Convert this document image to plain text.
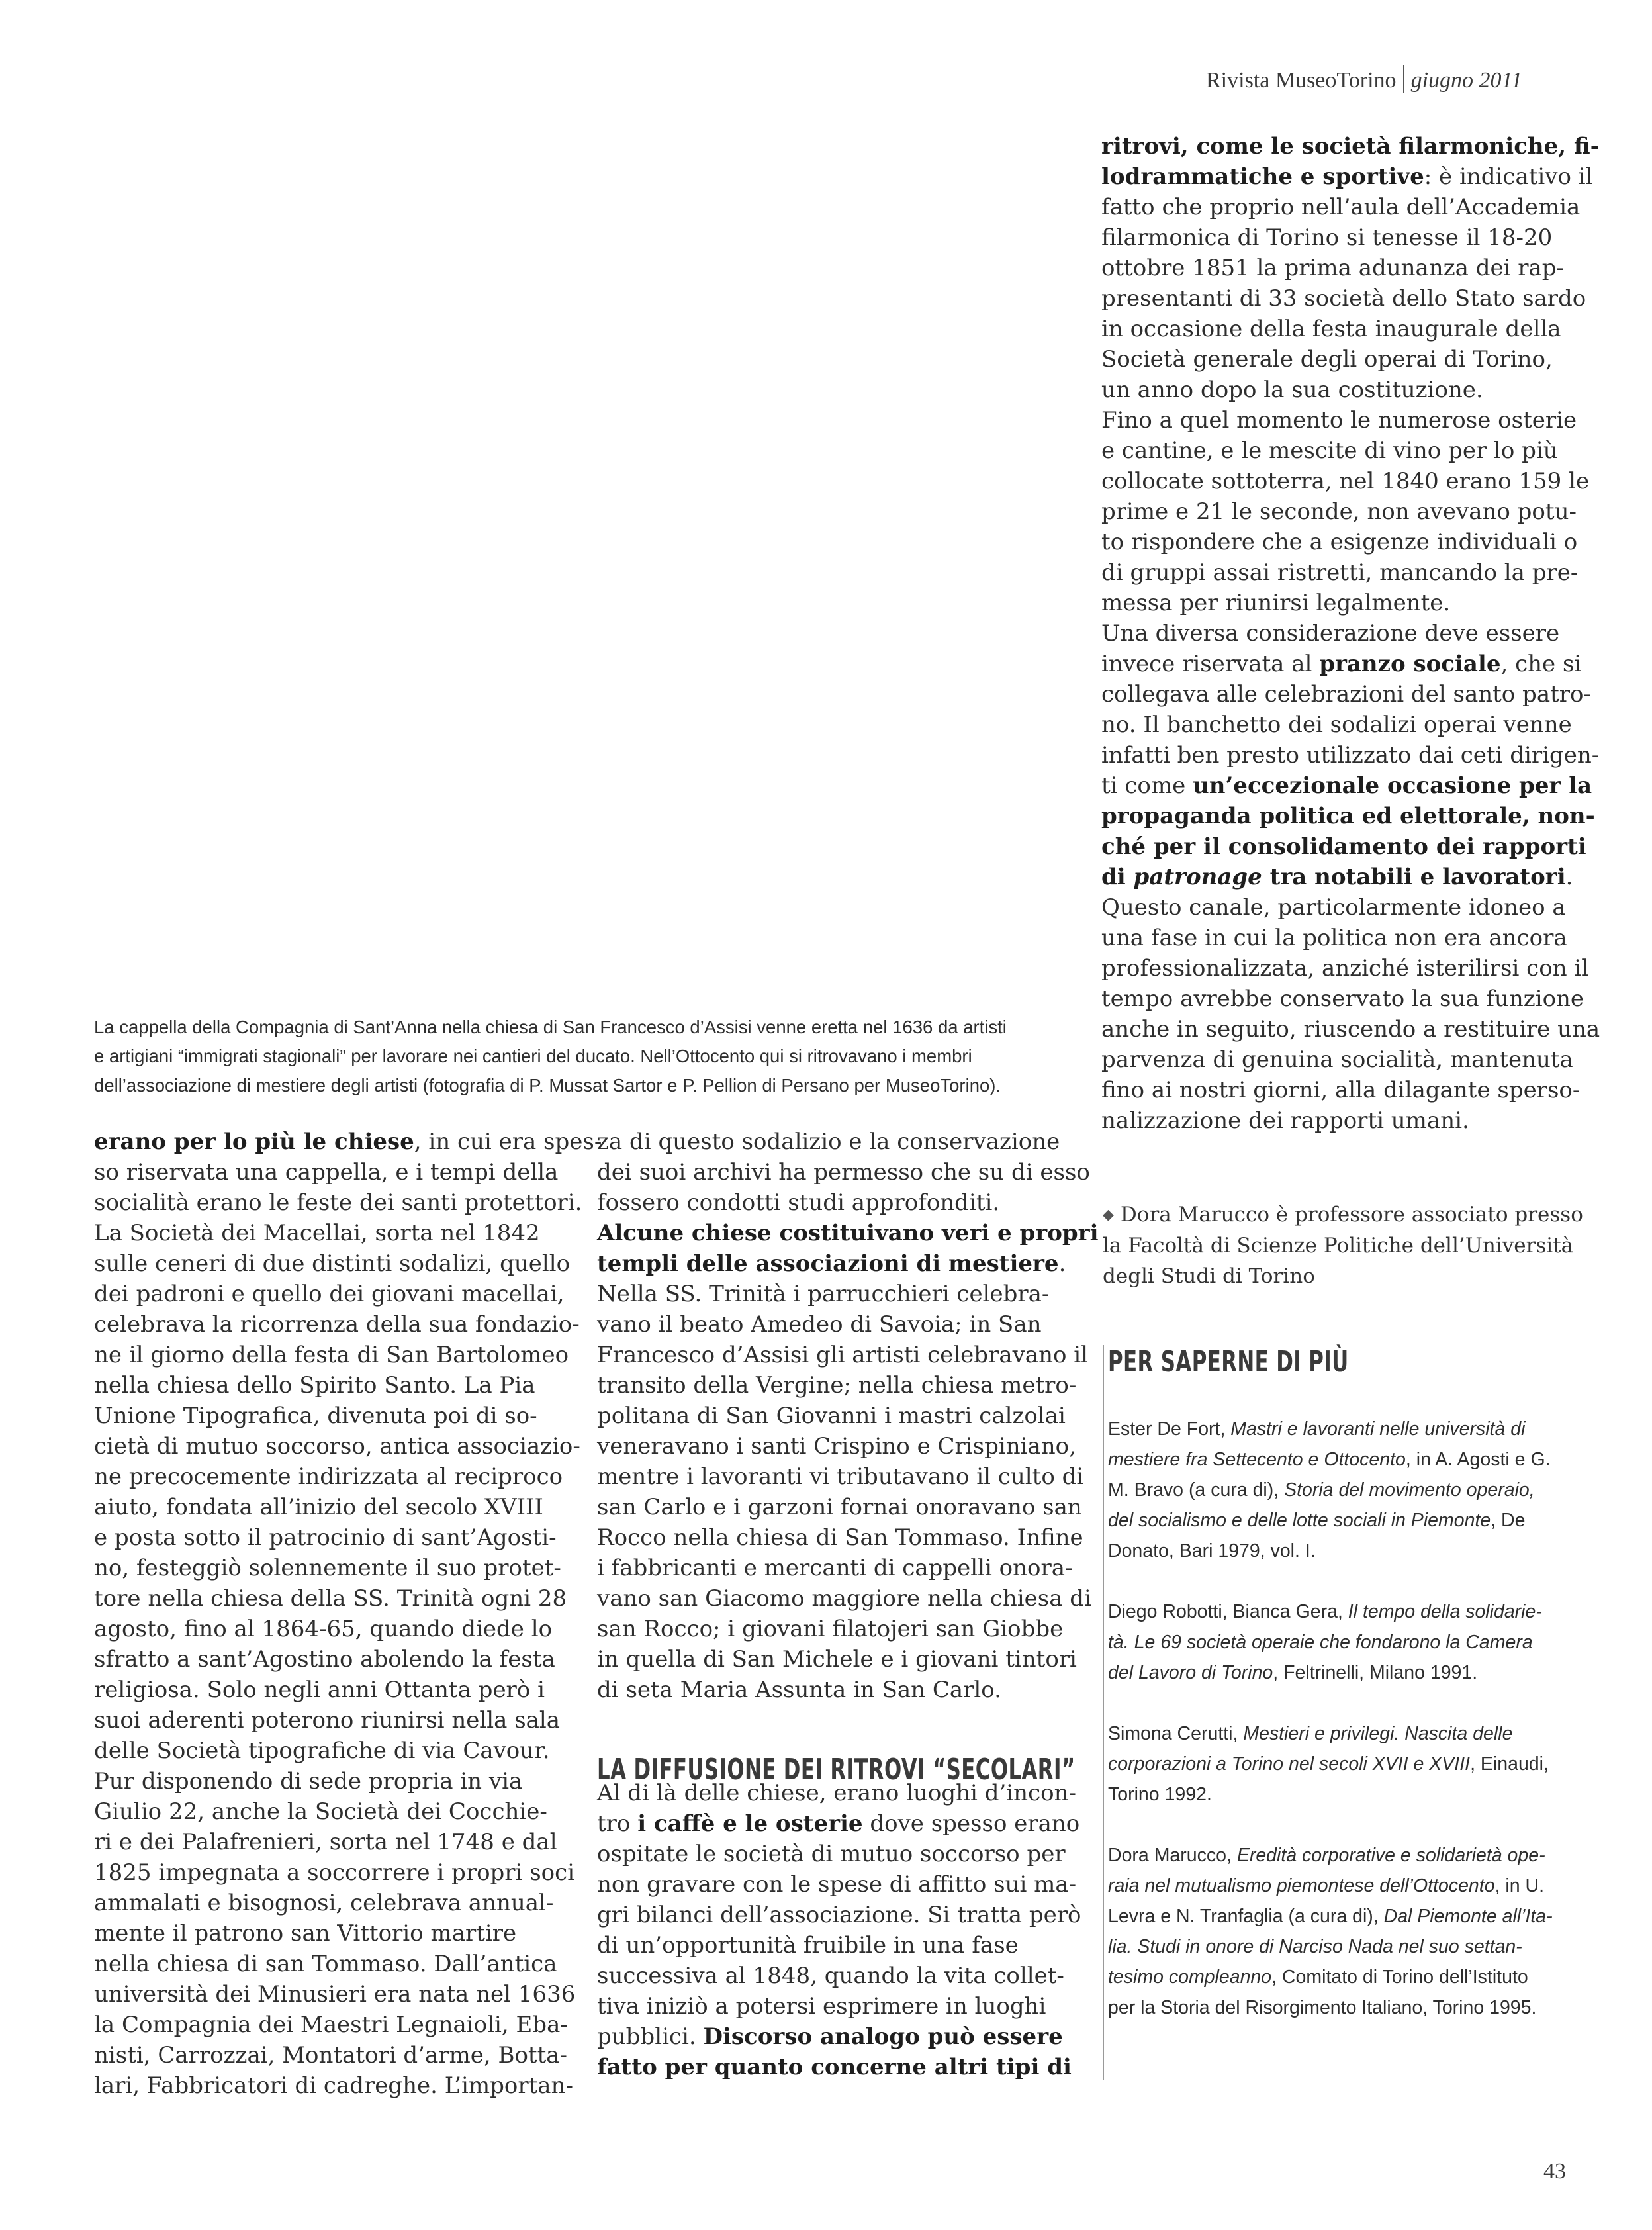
Rivista MuseoTorino giugno 2011

La cappella della Compagnia di Sant’Anna nella chiesa di San Francesco d’Assisi venne eretta nel 1636 da artisti

e artigiani “immigrati stagionali” per lavorare nei cantieri del ducato. Nell’Ottocento qui si ritrovavano i membri

dell’associazione di mestiere degli artisti (fotografia di P. Mussat Sartor e P. Pellion di Persano per MuseoTorino).

erano per lo più le chiese, in cui era spes-
so riservata una cappella, e i tempi della
socialità erano le feste dei santi protettori.
La Società dei Macellai, sorta nel 1842
sulle ceneri di due distinti sodalizi, quello
dei padroni e quello dei giovani macellai,
celebrava la ricorrenza della sua fondazio-
ne il giorno della festa di San Bartolomeo
nella chiesa dello Spirito Santo. La Pia
Unione Tipografica, divenuta poi di so-
cietà di mutuo soccorso, antica associazio-
ne precocemente indirizzata al reciproco
aiuto, fondata all’inizio del secolo XVIII
e posta sotto il patrocinio di sant’Agosti-
no, festeggiò solennemente il suo protet-
tore nella chiesa della SS. Trinità ogni 28
agosto, fino al 1864-65, quando diede lo
sfratto a sant’Agostino abolendo la festa
religiosa. Solo negli anni Ottanta però i
suoi aderenti poterono riunirsi nella sala
delle Società tipografiche di via Cavour.
Pur disponendo di sede propria in via
Giulio 22, anche la Società dei Cocchie-
ri e dei Palafrenieri, sorta nel 1748 e dal
1825 impegnata a soccorrere i propri soci
ammalati e bisognosi, celebrava annual-
mente il patrono san Vittorio martire
nella chiesa di san Tommaso. Dall’antica
università dei Minusieri era nata nel 1636
la Compagnia dei Maestri Legnaioli, Eba-
nisti, Carrozzai, Montatori d’arme, Botta-
lari, Fabbricatori di cadreghe. L’importan-
za di questo sodalizio e la conservazione
dei suoi archivi ha permesso che su di esso
fossero condotti studi approfonditi.
Alcune chiese costituivano veri e propri
templi delle associazioni di mestiere.
Nella SS. Trinità i parrucchieri celebra-
vano il beato Amedeo di Savoia; in San
Francesco d’Assisi gli artisti celebravano il
transito della Vergine; nella chiesa metro-
politana di San Giovanni i mastri calzolai
veneravano i santi Crispino e Crispiniano,
mentre i lavoranti vi tributavano il culto di
san Carlo e i garzoni fornai onoravano san
Rocco nella chiesa di San Tommaso. Infine
i fabbricanti e mercanti di cappelli onora-
vano san Giacomo maggiore nella chiesa di
san Rocco; i giovani filatojeri san Giobbe
in quella di San Michele e i giovani tintori
di seta Maria Assunta in San Carlo.
Al di là delle chiese, erano luoghi d’incon-
tro i caffè e le osterie dove spesso erano
ospitate le società di mutuo soccorso per
non gravare con le spese di affitto sui ma-
gri bilanci dell’associazione. Si tratta però
di un’opportunità fruibile in una fase
successiva al 1848, quando la vita collet-
tiva iniziò a potersi esprimere in luoghi
pubblici. Discorso analogo può essere
fatto per quanto concerne altri tipi di
LA DIFFUSIONE DEI RITROVI “SECOLARI”
ritrovi, come le società filarmoniche, fi-
lodrammatiche e sportive: è indicativo il
fatto che proprio nell’aula dell’Accademia
filarmonica di Torino si tenesse il 18-20
ottobre 1851 la prima adunanza dei rap-
presentanti di 33 società dello Stato sardo
in occasione della festa inaugurale della
Società generale degli operai di Torino,
un anno dopo la sua costituzione.
Fino a quel momento le numerose osterie
e cantine, e le mescite di vino per lo più
collocate sottoterra, nel 1840 erano 159 le
prime e 21 le seconde, non avevano potu-
to rispondere che a esigenze individuali o
di gruppi assai ristretti, mancando la pre-
messa per riunirsi legalmente.
Una diversa considerazione deve essere
invece riservata al pranzo sociale, che si
collegava alle celebrazioni del santo patro-
no. Il banchetto dei sodalizi operai venne
infatti ben presto utilizzato dai ceti dirigen-
ti come un’eccezionale occasione per la
propaganda politica ed elettorale, non-
ché per il consolidamento dei rapporti
di patronage tra notabili e lavoratori.
Questo canale, particolarmente idoneo a
una fase in cui la politica non era ancora
professionalizzata, anziché isterilirsi con il
tempo avrebbe conservato la sua funzione
anche in seguito, riuscendo a restituire una
parvenza di genuina socialità, mantenuta
fino ai nostri giorni, alla dilagante sperso-
nalizzazione dei rapporti umani.

◆ Dora Marucco è professore associato presso

la Facoltà di Scienze Politiche dell’Università

degli Studi di Torino

PER SAPERNE DI PIÙ

Ester De Fort, Mastri e lavoranti nelle università di
mestiere fra Settecento e Ottocento, in A. Agosti e G.
M. Bravo (a cura di), Storia del movimento operaio,
del socialismo e delle lotte sociali in Piemonte, De
Donato, Bari 1979, vol. I.

Diego Robotti, Bianca Gera, Il tempo della solidarie-
tà. Le 69 società operaie che fondarono la Camera
del Lavoro di Torino, Feltrinelli, Milano 1991.

Simona Cerutti, Mestieri e privilegi. Nascita delle
corporazioni a Torino nel secoli XVII e XVIII, Einaudi,
Torino 1992.

Dora Marucco, Eredità corporative e solidarietà ope-
raia nel mutualismo piemontese dell’Ottocento, in U.
Levra e N. Tranfaglia (a cura di), Dal Piemonte all’Ita-
lia. Studi in onore di Narciso Nada nel suo settan-
tesimo compleanno, Comitato di Torino dell’Istituto
per la Storia del Risorgimento Italiano, Torino 1995.

43
